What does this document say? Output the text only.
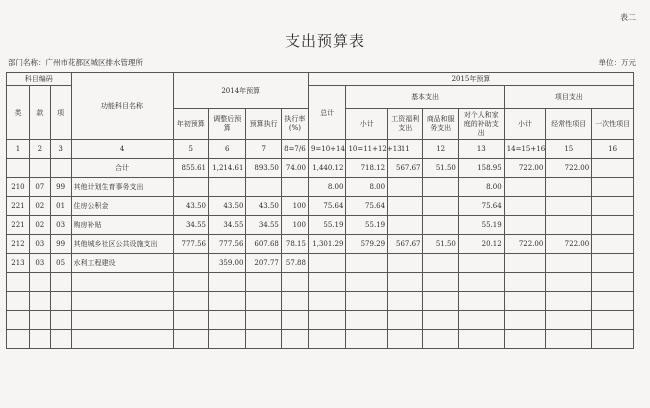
表二
支出预算表
部门名称：广州市花都区城区排水管理所	单位：万元
科目编码			功能科目名称	2014年预算				2015年预算							
类	款	项						总计	基本支出				项目支出		
				年初预算	调整后预算	预算执行	执行率(%)		小计	工资福利支出	商品和服务支出	对个人和家庭的补助支出	小计	经常性项目	一次性项目
1	2	3	4	5	6	7	8=7/6	9=10+14	10=11+12+13	11	12	13	14=15+16	15	16
			合计	855.61	1,214.61	893.50	74.00	1,440.12	718.12	567.67	51.50	158.95	722.00	722.00	
210	07	99	其他计划生育事务支出					8.00	8.00			8.00			
221	02	01	住房公积金	43.50	43.50	43.50	100	75.64	75.64			75.64			
221	02	03	购房补贴	34.55	34.55	34.55	100	55.19	55.19			55.19			
212	03	99	其他城乡社区公共设施支出	777.56	777.56	607.68	78.15	1,301.29	579.29	567.67	51.50	20.12	722.00	722.00	
213	03	05	水利工程建设		359.00	207.77	57.88								
